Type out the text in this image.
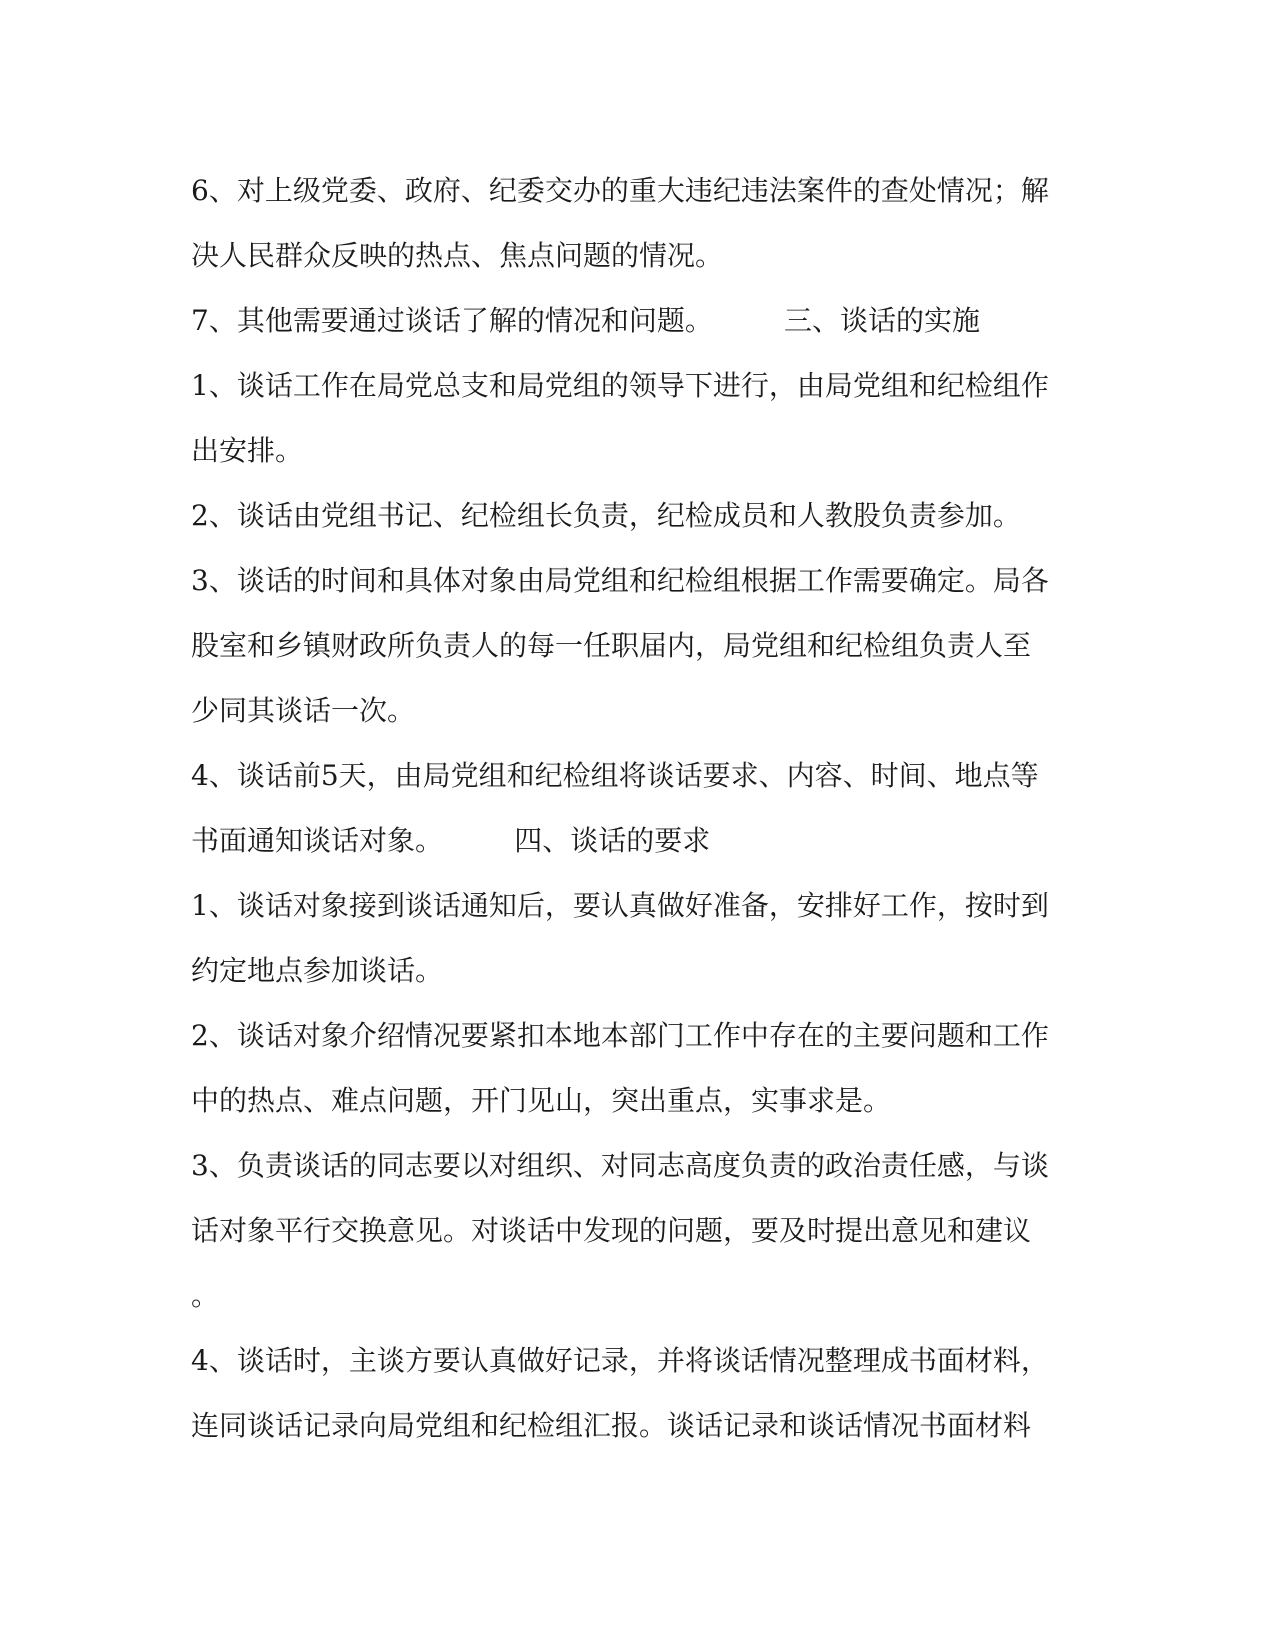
6、对上级党委、政府、纪委交办的重大违纪违法案件的查处情况；解
决人民群众反映的热点、焦点问题的情况。
7、其他需要通过谈话了解的情况和问题。        三、谈话的实施
1、谈话工作在局党总支和局党组的领导下进行，由局党组和纪检组作
出安排。
2、谈话由党组书记、纪检组长负责，纪检成员和人教股负责参加。
3、谈话的时间和具体对象由局党组和纪检组根据工作需要确定。局各
股室和乡镇财政所负责人的每一任职届内，局党组和纪检组负责人至
少同其谈话一次。
4、谈话前5天，由局党组和纪检组将谈话要求、内容、时间、地点等
书面通知谈话对象。        四、谈话的要求
1、谈话对象接到谈话通知后，要认真做好准备，安排好工作，按时到
约定地点参加谈话。
2、谈话对象介绍情况要紧扣本地本部门工作中存在的主要问题和工作
中的热点、难点问题，开门见山，突出重点，实事求是。
3、负责谈话的同志要以对组织、对同志高度负责的政治责任感，与谈
话对象平行交换意见。对谈话中发现的问题，要及时提出意见和建议
。
4、谈话时，主谈方要认真做好记录，并将谈话情况整理成书面材料，
连同谈话记录向局党组和纪检组汇报。谈话记录和谈话情况书面材料
